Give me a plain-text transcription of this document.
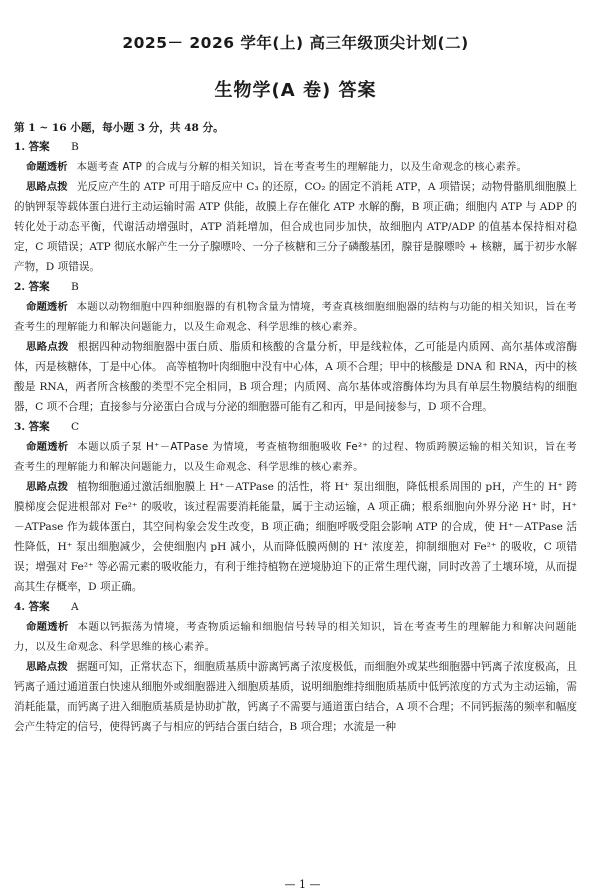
2025－ 2026 学年(上) 高三年级顶尖计划(二)
生物学(A 卷) 答案
第 1 ~ 16 小题，每小题 3 分，共 48 分。
1. 答案 B
命题透析 本题考查 ATP 的合成与分解的相关知识，旨在考查考生的理解能力，以及生命观念的核心素养。
思路点拨 光反应产生的 ATP 可用于暗反应中 C₃ 的还原，CO₂ 的固定不消耗 ATP，A 项错误；动物骨骼肌细胞膜上的钠钾泵等载体蛋白进行主动运输时需 ATP 供能，故膜上存在催化 ATP 水解的酶，B 项正确；细胞内 ATP 与 ADP 的转化处于动态平衡，代谢活动增强时，ATP 消耗增加，但合成也同步加快，故细胞内 ATP/ADP 的值基本保持相对稳定，C 项错误；ATP 彻底水解产生一分子腺嘌呤、一分子核糖和三分子磷酸基团，腺苷是腺嘌呤 + 核糖，属于初步水解产物，D 项错误。
2. 答案 B
命题透析 本题以动物细胞中四种细胞器的有机物含量为情境，考查真核细胞细胞器的结构与功能的相关知识，旨在考查考生的理解能力和解决问题能力，以及生命观念、科学思维的核心素养。
思路点拨 根据四种动物细胞器中蛋白质、脂质和核酸的含量分析，甲是线粒体，乙可能是内质网、高尔基体或溶酶体，丙是核糖体，丁是中心体。 高等植物叶肉细胞中没有中心体，A 项不合理；甲中的核酸是 DNA 和 RNA，丙中的核酸是 RNA，两者所含核酸的类型不完全相同，B 项合理；内质网、高尔基体或溶酶体均为具有单层生物膜结构的细胞器，C 项不合理；直接参与分泌蛋白合成与分泌的细胞器可能有乙和丙，甲是间接参与，D 项不合理。
3. 答案 C
命题透析 本题以质子泵 H⁺－ATPase 为情境，考查植物细胞吸收 Fe²⁺ 的过程、物质跨膜运输的相关知识，旨在考查考生的理解能力和解决问题能力，以及生命观念、科学思维的核心素养。
思路点拨 植物细胞通过激活细胞膜上 H⁺－ATPase 的活性，将 H⁺ 泵出细胞，降低根系周围的 pH，产生的 H⁺ 跨膜梯度会促进根部对 Fe²⁺ 的吸收，该过程需要消耗能量，属于主动运输，A 项正确；根系细胞向外界分泌 H⁺ 时，H⁺－ATPase 作为载体蛋白，其空间构象会发生改变，B 项正确；细胞呼吸受阻会影响 ATP 的合成，使 H⁺－ATPase 活性降低，H⁺ 泵出细胞减少，会使细胞内 pH 减小，从而降低膜两侧的 H⁺ 浓度差，抑制细胞对 Fe²⁺ 的吸收，C 项错误；增强对 Fe²⁺ 等必需元素的吸收能力，有利于维持植物在逆境胁迫下的正常生理代谢，同时改善了土壤环境，从而提高其生存概率，D 项正确。
4. 答案 A
命题透析 本题以钙振荡为情境，考查物质运输和细胞信号转导的相关知识，旨在考查考生的理解能力和解决问题能力，以及生命观念、科学思维的核心素养。
思路点拨 据题可知，正常状态下，细胞质基质中游离钙离子浓度极低，而细胞外或某些细胞器中钙离子浓度极高，且钙离子通过通道蛋白快速从细胞外或细胞器进入细胞质基质，说明细胞维持细胞质基质中低钙浓度的方式为主动运输，需消耗能量，而钙离子进入细胞质基质是协助扩散，钙离子不需要与通道蛋白结合，A 项不合理；不同钙振荡的频率和幅度会产生特定的信号，使得钙离子与相应的钙结合蛋白结合，B 项合理；水流是一种
— 1 —
